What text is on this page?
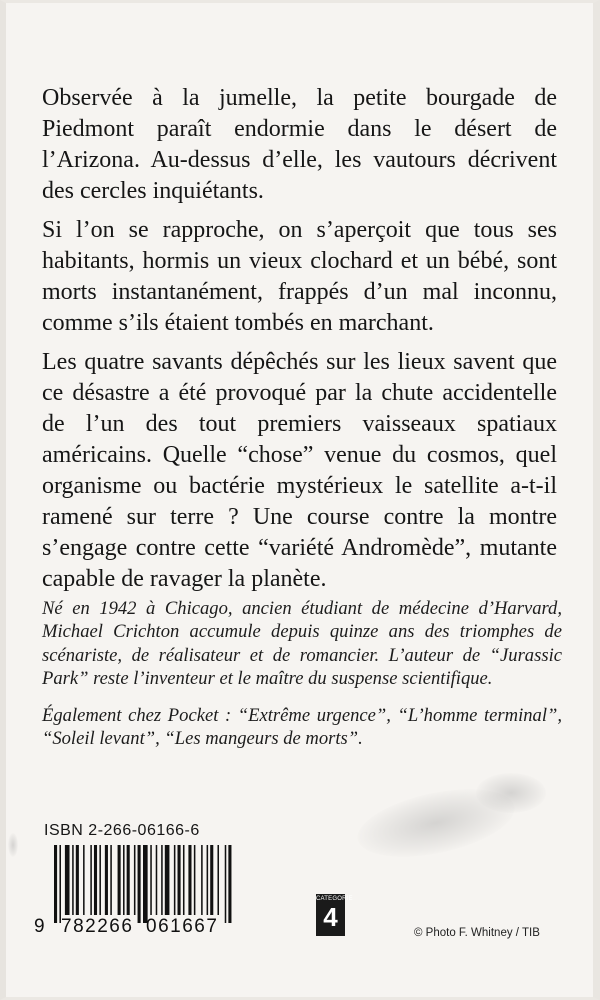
Observée à la jumelle, la petite bourgade de Piedmont paraît endormie dans le désert de l’Arizona. Au-dessus d’elle, les vautours décrivent des cercles inquiétants.

Si l’on se rapproche, on s’aperçoit que tous ses habitants, hormis un vieux clochard et un bébé, sont morts instantanément, frappés d’un mal inconnu, comme s’ils étaient tombés en marchant.

Les quatre savants dépêchés sur les lieux savent que ce désastre a été provoqué par la chute accidentelle de l’un des tout premiers vaisseaux spatiaux américains. Quelle “chose” venue du cosmos, quel organisme ou bactérie mystérieux le satellite a-t-il ramené sur terre ? Une course contre la montre s’engage contre cette “variété Andromède”, mutante capable de ravager la planète.

Né en 1942 à Chicago, ancien étudiant de médecine d’Harvard, Michael Crichton accumule depuis quinze ans des triomphes de scénariste, de réalisateur et de romancier. L’auteur de “Jurassic Park” reste l’inventeur et le maître du suspense scientifique.

Également chez Pocket : “Extrême urgence”, “L’homme terminal”, “Soleil levant”, “Les mangeurs de morts”.

ISBN 2-266-06166-6
9 782266 061667
CATEGORIE
4
© Photo F. Whitney / TIB
